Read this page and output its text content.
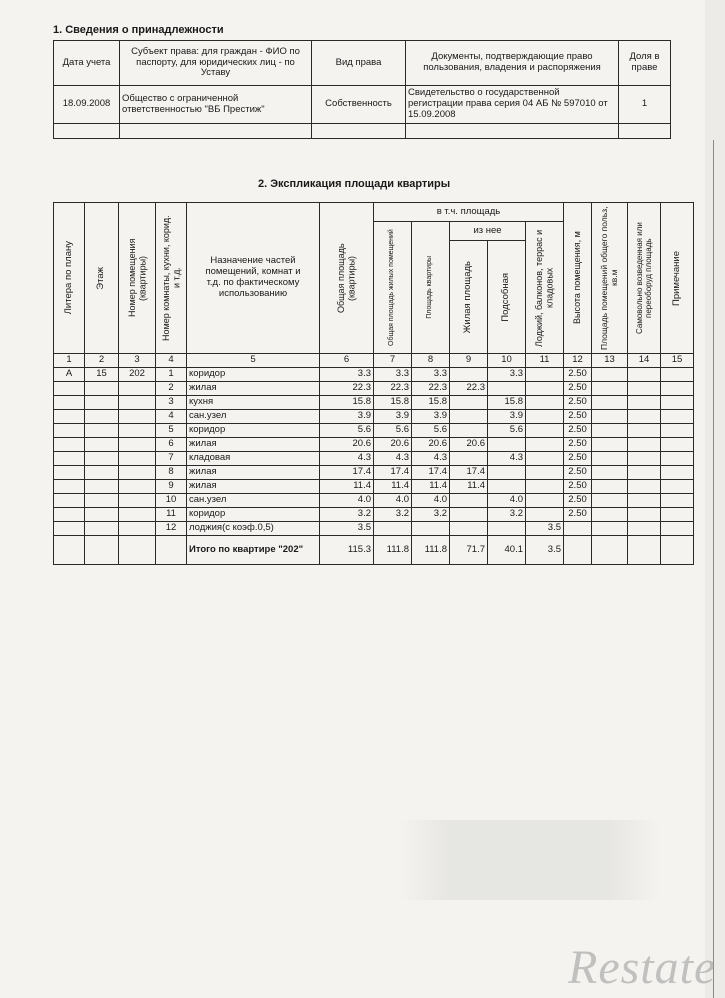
1. Сведения о принадлежности
Дата учета	Субъект права: для граждан - ФИО по паспорту, для юридических лиц - по Уставу	Вид права	Документы, подтверждающие право пользования, владения и распоряжения	Доля в праве
18.09.2008	Общество с ограниченной ответственностью "ВБ Престиж"	Собственность	Свидетельство о государственной регистрации права серия 04 АБ № 597010 от 15.09.2008	1

2. Экспликация площади квартиры
Литера по плану	Этаж	Номер помещения (квартиры)	Номер комнаты, кухни, корид. и т.д.	Назначение частей помещений, комнат и т.д. по фактическому использованию	Общая площадь (квартиры)	в т.ч. площадь					Высота помещения, м	Площадь помещений общего польз, кв.м	Самовольно возведенная или переоборуд площадь	Примечание

						Общая площадь жилых помещений	Площадь квартиры	из нее		Лоджий, балконов, террас и кладовых				

								Жилая площадь	Подсобная					

1	2	3	4	5	6	7	8	9	10	11	12	13	14	15
А	15	202	1	коридор	3.3	3.3	3.3		3.3		2.50			
			2	жилая	22.3	22.3	22.3	22.3			2.50			
			3	кухня	15.8	15.8	15.8		15.8		2.50			
			4	сан.узел	3.9	3.9	3.9		3.9		2.50			
			5	коридор	5.6	5.6	5.6		5.6		2.50			
			6	жилая	20.6	20.6	20.6	20.6			2.50			
			7	кладовая	4.3	4.3	4.3		4.3		2.50			
			8	жилая	17.4	17.4	17.4	17.4			2.50			
			9	жилая	11.4	11.4	11.4	11.4			2.50			
			10	сан.узел	4.0	4.0	4.0		4.0		2.50			
			11	коридор	3.2	3.2	3.2		3.2		2.50			
			12	лоджия(с коэф.0,5)	3.5					3.5				
				Итого по квартире "202"	115.3	111.8	111.8	71.7	40.1	3.5				
Restate
